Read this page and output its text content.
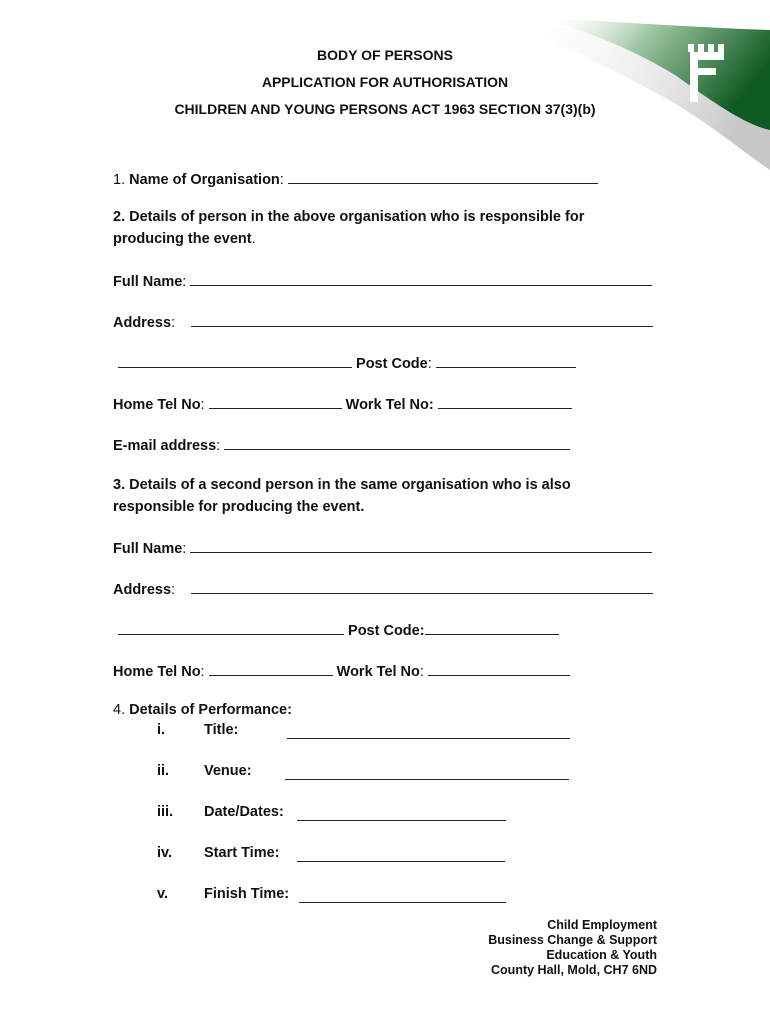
BODY OF PERSONS
APPLICATION FOR AUTHORISATION
CHILDREN AND YOUNG PERSONS ACT 1963 SECTION 37(3)(b)
1. Name of Organisation:
2. Details of person in the above organisation who is responsible for producing the event.
Full Name:
Address:
Post Code:
Home Tel No:	Work Tel No:
E-mail address:
3. Details of a second person in the same organisation who is also responsible for producing the event.
Full Name:
Address:
Post Code:
Home Tel No:	Work Tel No:
4. Details of Performance:
i.	Title:
ii. Venue:
iii. Date/Dates:
iv. Start Time:
v. Finish Time:
Child Employment
Business Change & Support
Education & Youth
County Hall, Mold, CH7 6ND
